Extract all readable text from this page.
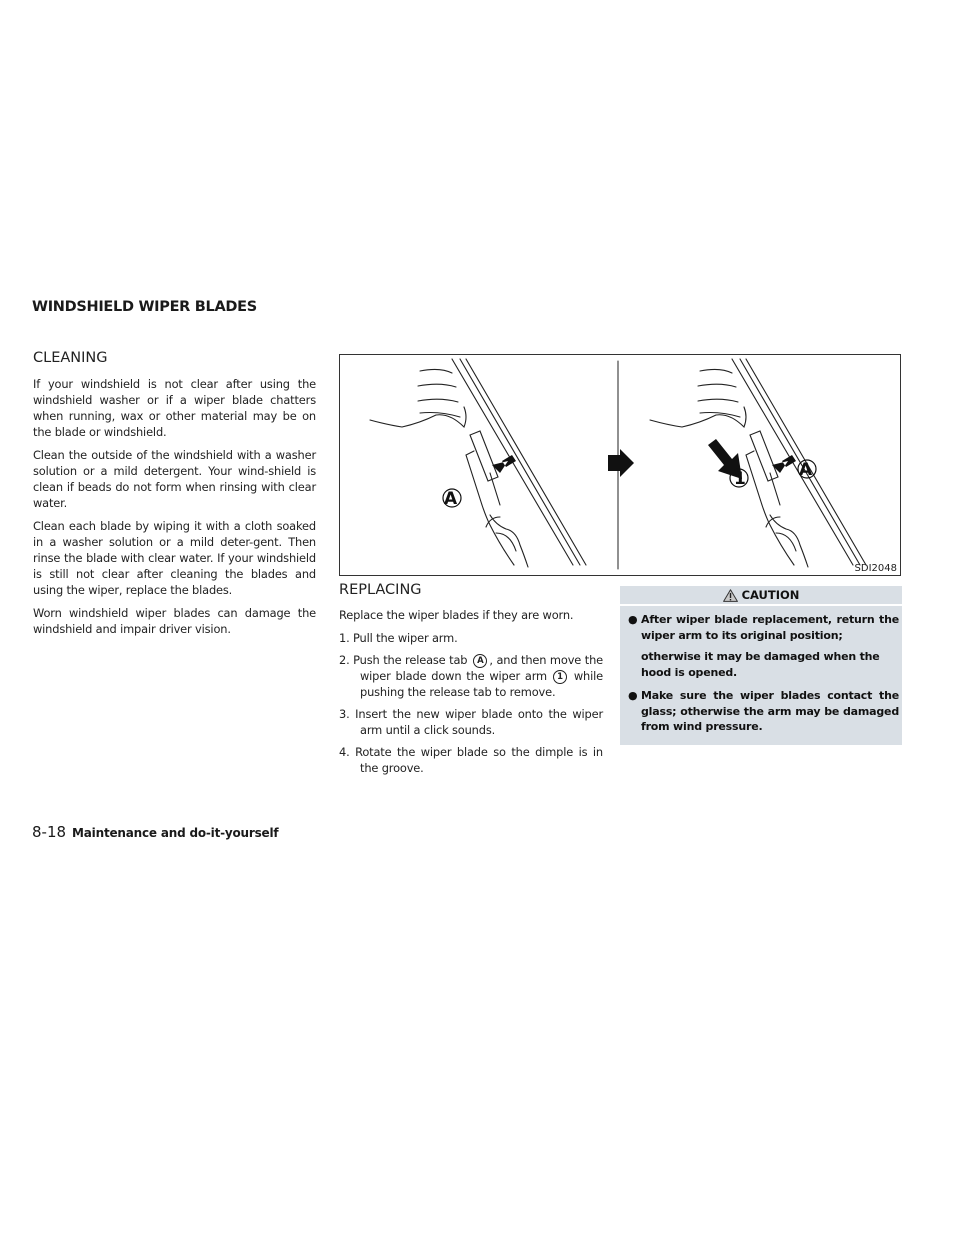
WINDSHIELD WIPER BLADES
CLEANING

If your windshield is not clear after using the windshield washer or if a wiper blade chatters when running, wax or other material may be on the blade or windshield.

Clean the outside of the windshield with a washer solution or a mild detergent. Your wind-shield is clean if beads do not form when rinsing with clear water.

Clean each blade by wiping it with a cloth soaked in a washer solution or a mild deter-gent. Then rinse the blade with clear water. If your windshield is still not clear after cleaning the blades and using the wiper, replace the blades.

Worn windshield wiper blades can damage the windshield and impair driver vision.

A
1	A
SDI2048
REPLACING

Replace the wiper blades if they are worn.

1. Pull the wiper arm.

2. Push the release tab A , and then move the wiper blade down the wiper arm 1 while pushing the release tab to remove.

3. Insert the new wiper blade onto the wiper arm until a click sounds.

4. Rotate the wiper blade so the dimple is in the groove.

CAUTION

● After wiper blade replacement, return the wiper arm to its original position;

otherwise it may be damaged when the hood is opened.

● Make sure the wiper blades contact the glass; otherwise the arm may be damaged from wind pressure.

8-18 Maintenance and do-it-yourself
